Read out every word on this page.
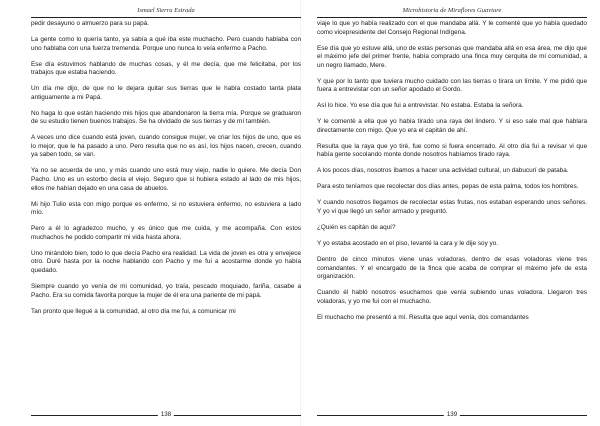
Ismael Sierra Estrada

pedir desayuno o almuerzo para su papá.

La gente como lo quería tanto, ya sabía a qué iba este muchacho. Pero cuando hablaba con uno hablaba con una fuerza tremenda. Porque uno nunca lo veía enfermo a Pacho.

Ese día estuvimos hablando de muchas cosas, y él me decía, que me felicitaba, por los trabajos que estaba haciendo.

Un día me dijo, de que no le dejara quitar sus tierras que le había costado tanta plata antiguamente a mi Papá.

No haga lo que están haciendo mis hijos que abandonaron la tierra mía. Porque se graduaron de su estudio tienen buenos trabajos. Se ha olvidado de sus tierras y de mí también.

A veces uno dice cuando está joven, cuando consigue mujer, ve criar los hijos de uno, que es lo mejor, que le ha pasado a uno. Pero resulta que no es así, los hijos nacen, crecen, cuando ya saben todo, se van.

Ya no se acuerda de uno, y más cuando uno está muy viejo, nadie lo quiere. Me decía Don Pacho. Uno es un estorbo decía el viejo. Seguro que si hubiera estado al lado de mis hijos, ellos me habían dejado en una casa de abuelos.

Mi hijo Tulio esta con migo porque es enfermo, si no estuviera enfermo, no estuviera a lado mío.

Pero a él lo agradezco mucho, y es único que me cuida, y me acompaña. Con estos muchachos he podido compartir mi vida hasta ahora.

Uno mirándolo bien, todo lo que decía Pacho era realidad. La vida de joven es otra y envejece otro. Duré hasta por la noche hablando con Pacho y me fui a acostarme donde yo había quedado.

Siempre cuando yo venía de mi comunidad, yo traía, pescado moquiado, fariña, casabe a Pacho. Era su comida favorita porque la mujer de él era una pariente de mi papá.

Tan pronto que llegué a la comunidad, al otro día me fui, a comunicar mi

138
Microhistoria de Miraflores Guaviare

viaje lo que yo había realizado con el que mandaba allá. Y le comenté que yo había quedado como vicepresidente del Consejo Regional Indígena.

Ese día que yo estuve allá, uno de estas personas que mandaba allá en esa área, me dijo que el máximo jefe del primer frente, había comprado una finca muy cerquita de mi comunidad, a un negro llamado, Mere.

Y que por lo tanto que tuviera mucho cuidado con las tierras o tirara un límite. Y me pidió que fuera a entrevistar con un señor apodado el Gordo.

Así lo hice. Yo ese día que fui a entrevistar. No estaba. Estaba la señora.

Y le comenté a ella que yo había tirado una raya del lindero. Y si eso sale mal que hablara directamente con migo. Que yo era el capitán de ahí.

Resulta que la raya que yo tiré, fue como si fuera encerrado. Al otro día fui a revisar vi que había gente socolando monte donde nosotros habíamos tirado raya.

A los pocos días, nosotros íbamos a hacer una actividad cultural, un dabucurí de pataba.

Para esto teníamos que recolectar dos días antes, pepas de esta palma, todos los hombres.

Y cuando nosotros llegamos de recolectar estas frutas, nos estaban esperando unos señores. Y yo vi que llegó un señor armado y preguntó.

¿Quién es capitán de aquí?

Y yo estaba acostado en el piso, levanté la cara y le dije soy yo.

Dentro de cinco minutos viene unas voladoras, dentro de esas voladoras viene tres comandantes. Y el encargado de la finca que acaba de comprar el máximo jefe de esta organización.

Cuando él habló nosotros esuchamos que venía subiendo unas voladora. Llegaron tres voladoras, y yo me fui con el muchacho.

El muchacho me presentó a mí. Resulta que aquí venía, dos comandantes

139
